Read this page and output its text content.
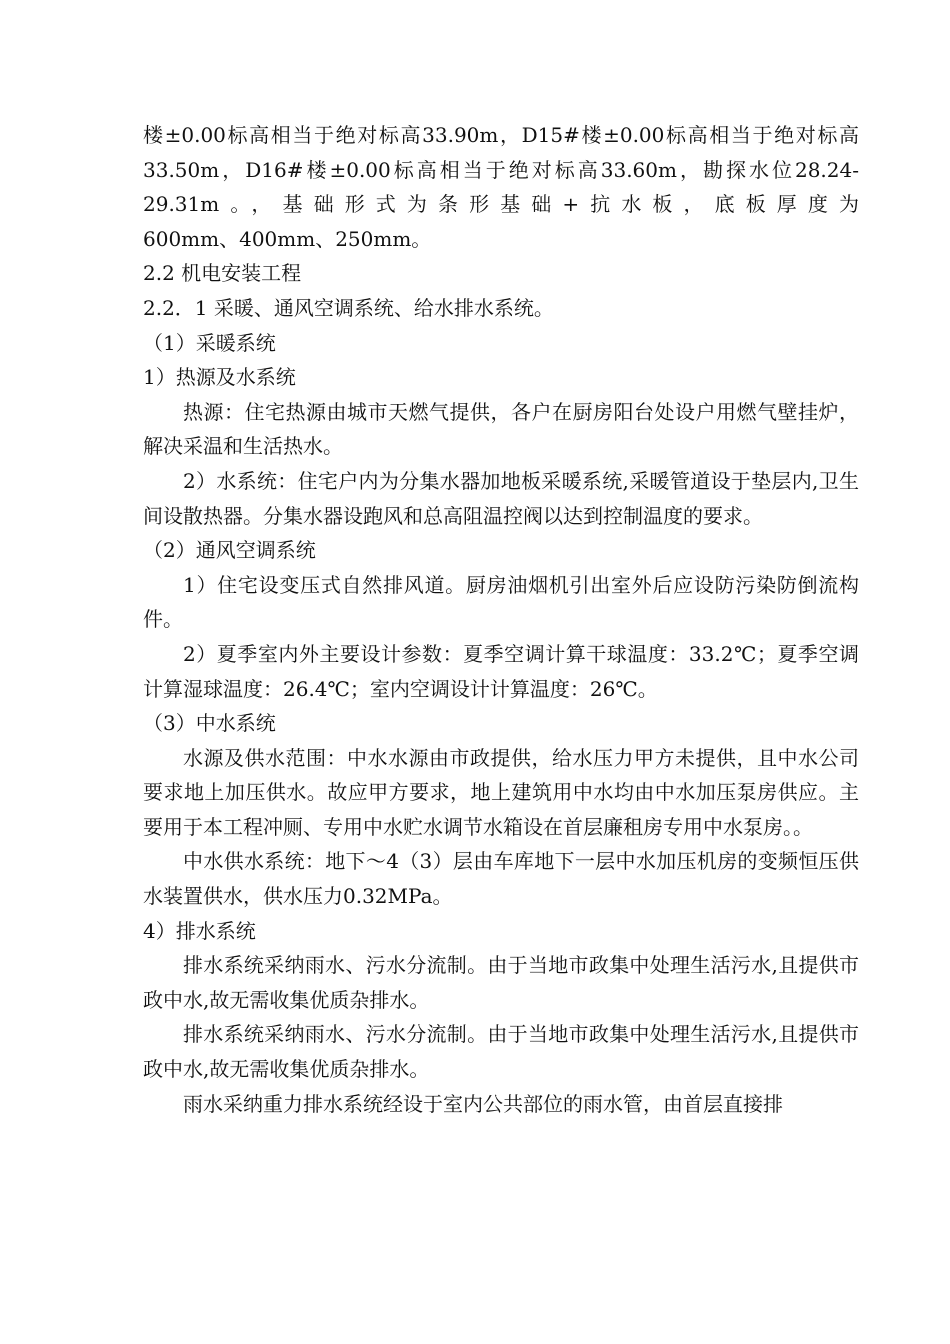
楼±0.00标高相当于绝对标高33.90m，D15#楼±0.00标高相当于绝对标高

33.50m，D16#楼±0.00标高相当于绝对标高33.60m，勘探水位28.24-

29.31m。，基础形式为条形基础+抗水板，底板厚度为

600mm、400mm、250mm。

2.2 机电安装工程

2.2．1 采暖、通风空调系统、给水排水系统。

（1）采暖系统

1）热源及水系统

热源：住宅热源由城市天燃气提供，各户在厨房阳台处设户用燃气壁挂炉，解决采温和生活热水。

2）水系统：住宅户内为分集水器加地板采暖系统,采暖管道设于垫层内,卫生间设散热器。分集水器设跑风和总高阻温控阀以达到控制温度的要求。

（2）通风空调系统

1）住宅设变压式自然排风道。厨房油烟机引出室外后应设防污染防倒流构件。

2）夏季室内外主要设计参数：夏季空调计算干球温度：33.2℃；夏季空调计算湿球温度：26.4℃；室内空调设计计算温度：26℃。

（3）中水系统

水源及供水范围：中水水源由市政提供，给水压力甲方未提供，且中水公司要求地上加压供水。故应甲方要求，地上建筑用中水均由中水加压泵房供应。主要用于本工程冲厕、专用中水贮水调节水箱设在首层廉租房专用中水泵房。。

中水供水系统：地下～4（3）层由车库地下一层中水加压机房的变频恒压供水装置供水，供水压力0.32MPa。

4）排水系统

排水系统采纳雨水、污水分流制。由于当地市政集中处理生活污水,且提供市政中水,故无需收集优质杂排水。

排水系统采纳雨水、污水分流制。由于当地市政集中处理生活污水,且提供市政中水,故无需收集优质杂排水。

雨水采纳重力排水系统经设于室内公共部位的雨水管，由首层直接排
